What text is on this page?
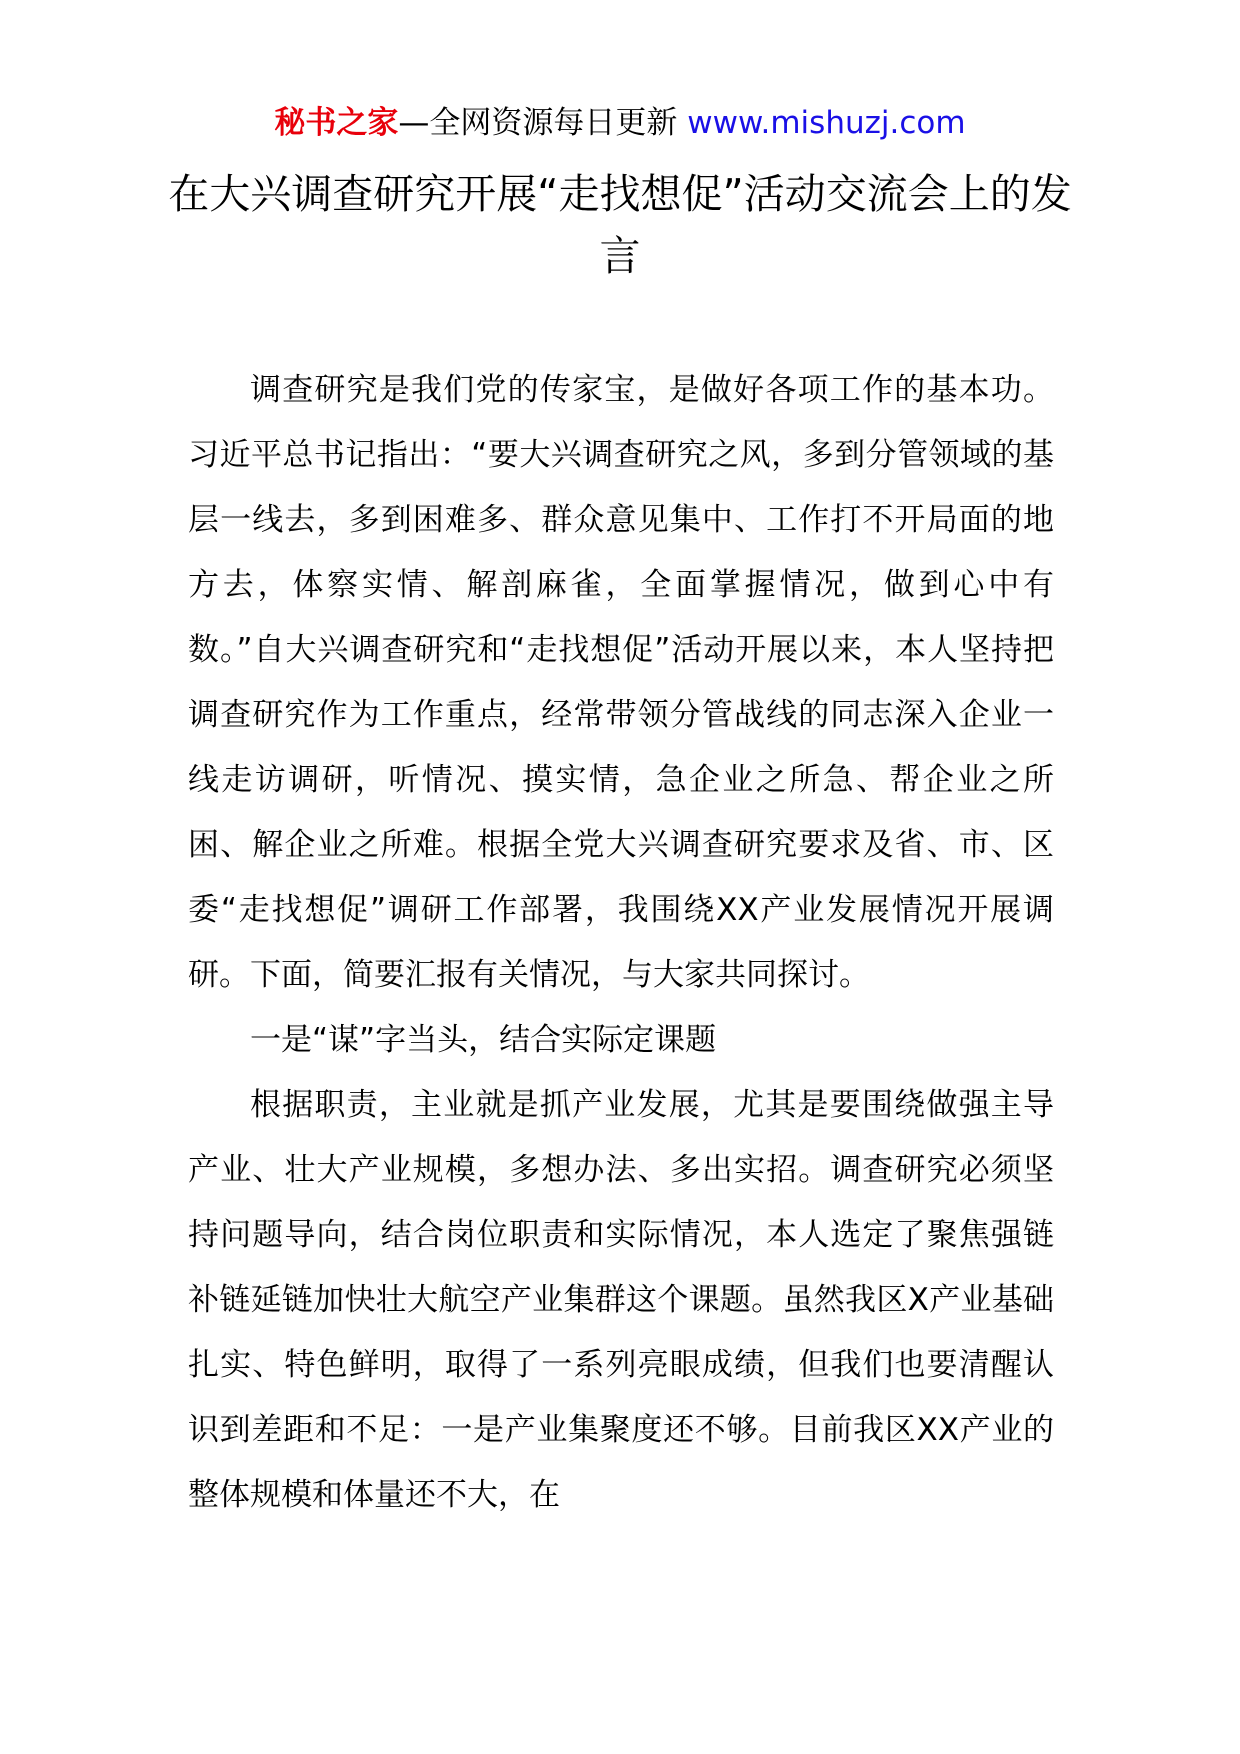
秘书之家—全网资源每日更新 www.mishuzj.com
在大兴调查研究开展“走找想促”活动交流会上的发言

调查研究是我们党的传家宝，是做好各项工作的基本功。习近平总书记指出：“要大兴调查研究之风，多到分管领域的基层一线去，多到困难多、群众意见集中、工作打不开局面的地方去，体察实情、解剖麻雀，全面掌握情况，做到心中有数。”自大兴调查研究和“走找想促”活动开展以来，本人坚持把调查研究作为工作重点，经常带领分管战线的同志深入企业一线走访调研，听情况、摸实情，急企业之所急、帮企业之所困、解企业之所难。根据全党大兴调查研究要求及省、市、区委“走找想促”调研工作部署，我围绕XX产业发展情况开展调研。下面，简要汇报有关情况，与大家共同探讨。

一是“谋”字当头，结合实际定课题

根据职责，主业就是抓产业发展，尤其是要围绕做强主导产业、壮大产业规模，多想办法、多出实招。调查研究必须坚持问题导向，结合岗位职责和实际情况，本人选定了聚焦强链补链延链加快壮大航空产业集群这个课题。虽然我区X产业基础扎实、特色鲜明，取得了一系列亮眼成绩，但我们也要清醒认识到差距和不足：一是产业集聚度还不够。目前我区XX产业的整体规模和体量还不大，在
